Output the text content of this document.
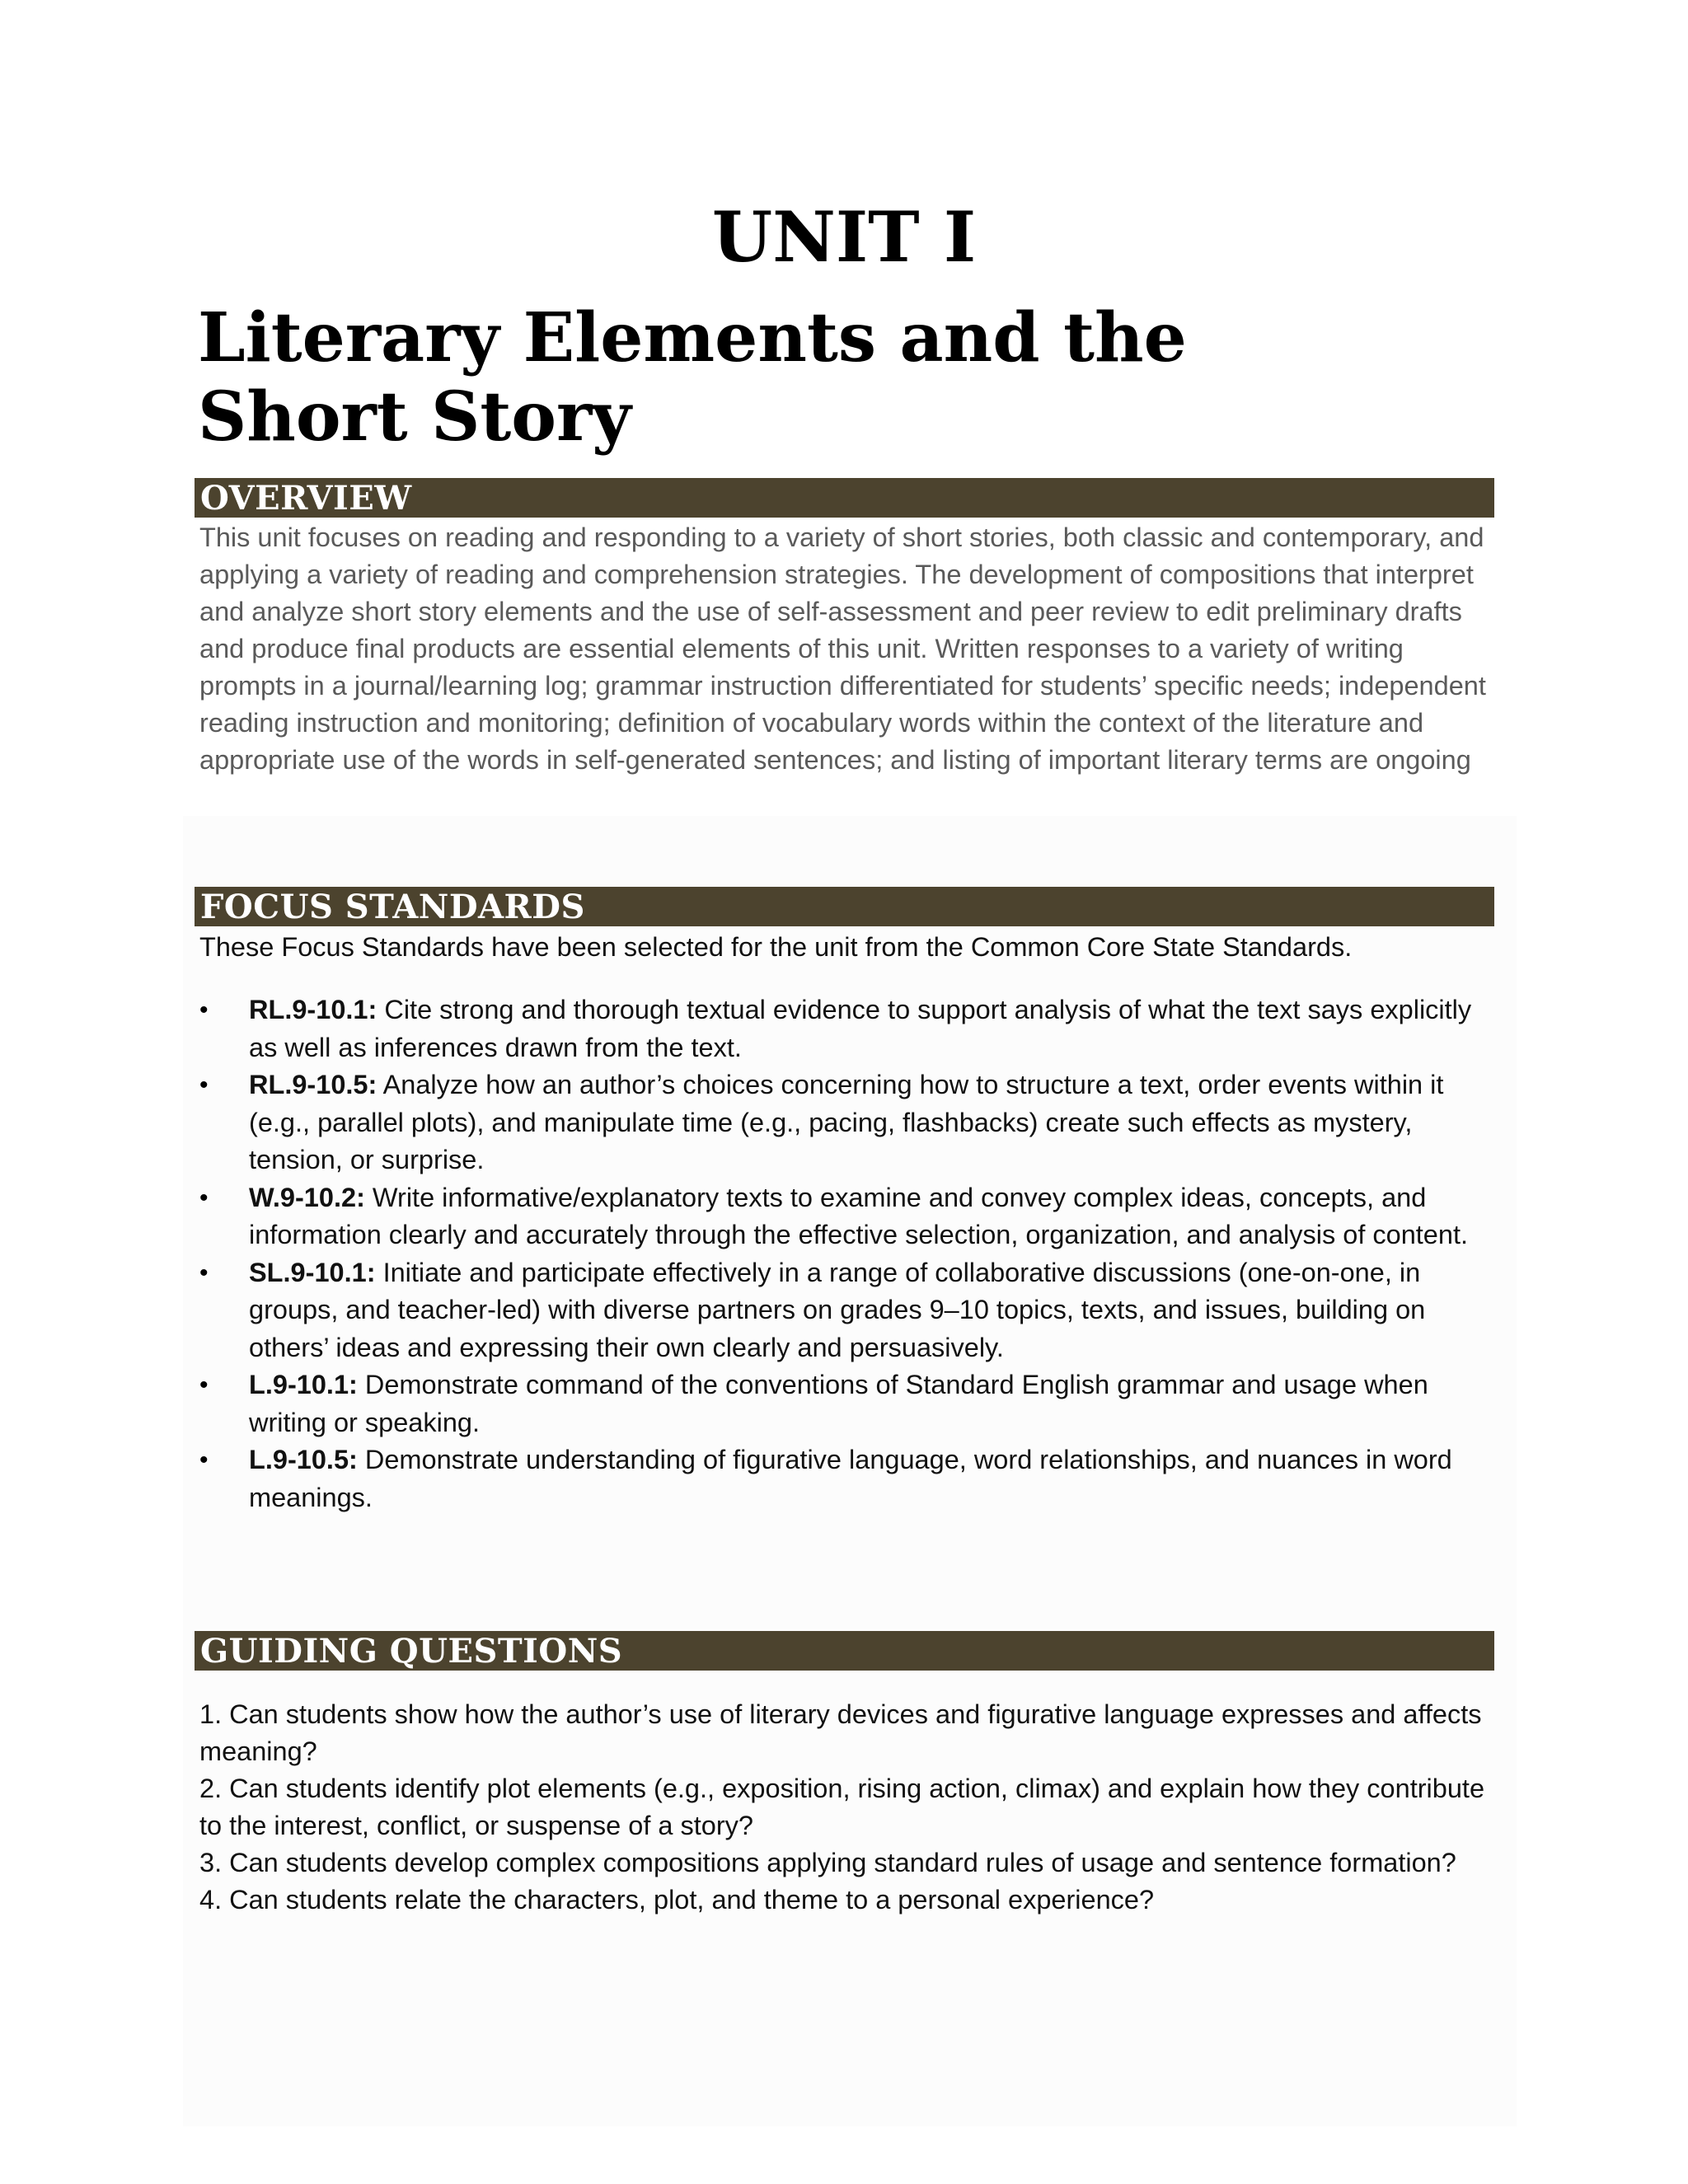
UNIT I
Literary Elements and the
Short Story
OVERVIEW

This unit focuses on reading and responding to a variety of short stories, both classic and contemporary, and applying a variety of reading and comprehension strategies. The development of compositions that interpret and analyze short story elements and the use of self-assessment and peer review to edit preliminary drafts and produce final products are essential elements of this unit. Written responses to a variety of writing prompts in a journal/learning log; grammar instruction differentiated for students’ specific needs; independent reading instruction and monitoring; definition of vocabulary words within the context of the literature and appropriate use of the words in self-generated sentences; and listing of important literary terms are ongoing

FOCUS STANDARDS

These Focus Standards have been selected for the unit from the Common Core State Standards.

• RL.9-10.1: Cite strong and thorough textual evidence to support analysis of what the text says explicitly as well as inferences drawn from the text.
• RL.9-10.5: Analyze how an author’s choices concerning how to structure a text, order events within it (e.g., parallel plots), and manipulate time (e.g., pacing, flashbacks) create such effects as mystery, tension, or surprise.
• W.9-10.2: Write informative/explanatory texts to examine and convey complex ideas, concepts, and information clearly and accurately through the effective selection, organization, and analysis of content.
• SL.9-10.1: Initiate and participate effectively in a range of collaborative discussions (one-on-one, in groups, and teacher-led) with diverse partners on grades 9–10 topics, texts, and issues, building on others’ ideas and expressing their own clearly and persuasively.
• L.9-10.1: Demonstrate command of the conventions of Standard English grammar and usage when writing or speaking.
• L.9-10.5: Demonstrate understanding of figurative language, word relationships, and nuances in word meanings.
GUIDING QUESTIONS
1. Can students show how the author’s use of literary devices and figurative language expresses and affects meaning?
2. Can students identify plot elements (e.g., exposition, rising action, climax) and explain how they contribute to the interest, conflict, or suspense of a story?
3. Can students develop complex compositions applying standard rules of usage and sentence formation?
4. Can students relate the characters, plot, and theme to a personal experience?
